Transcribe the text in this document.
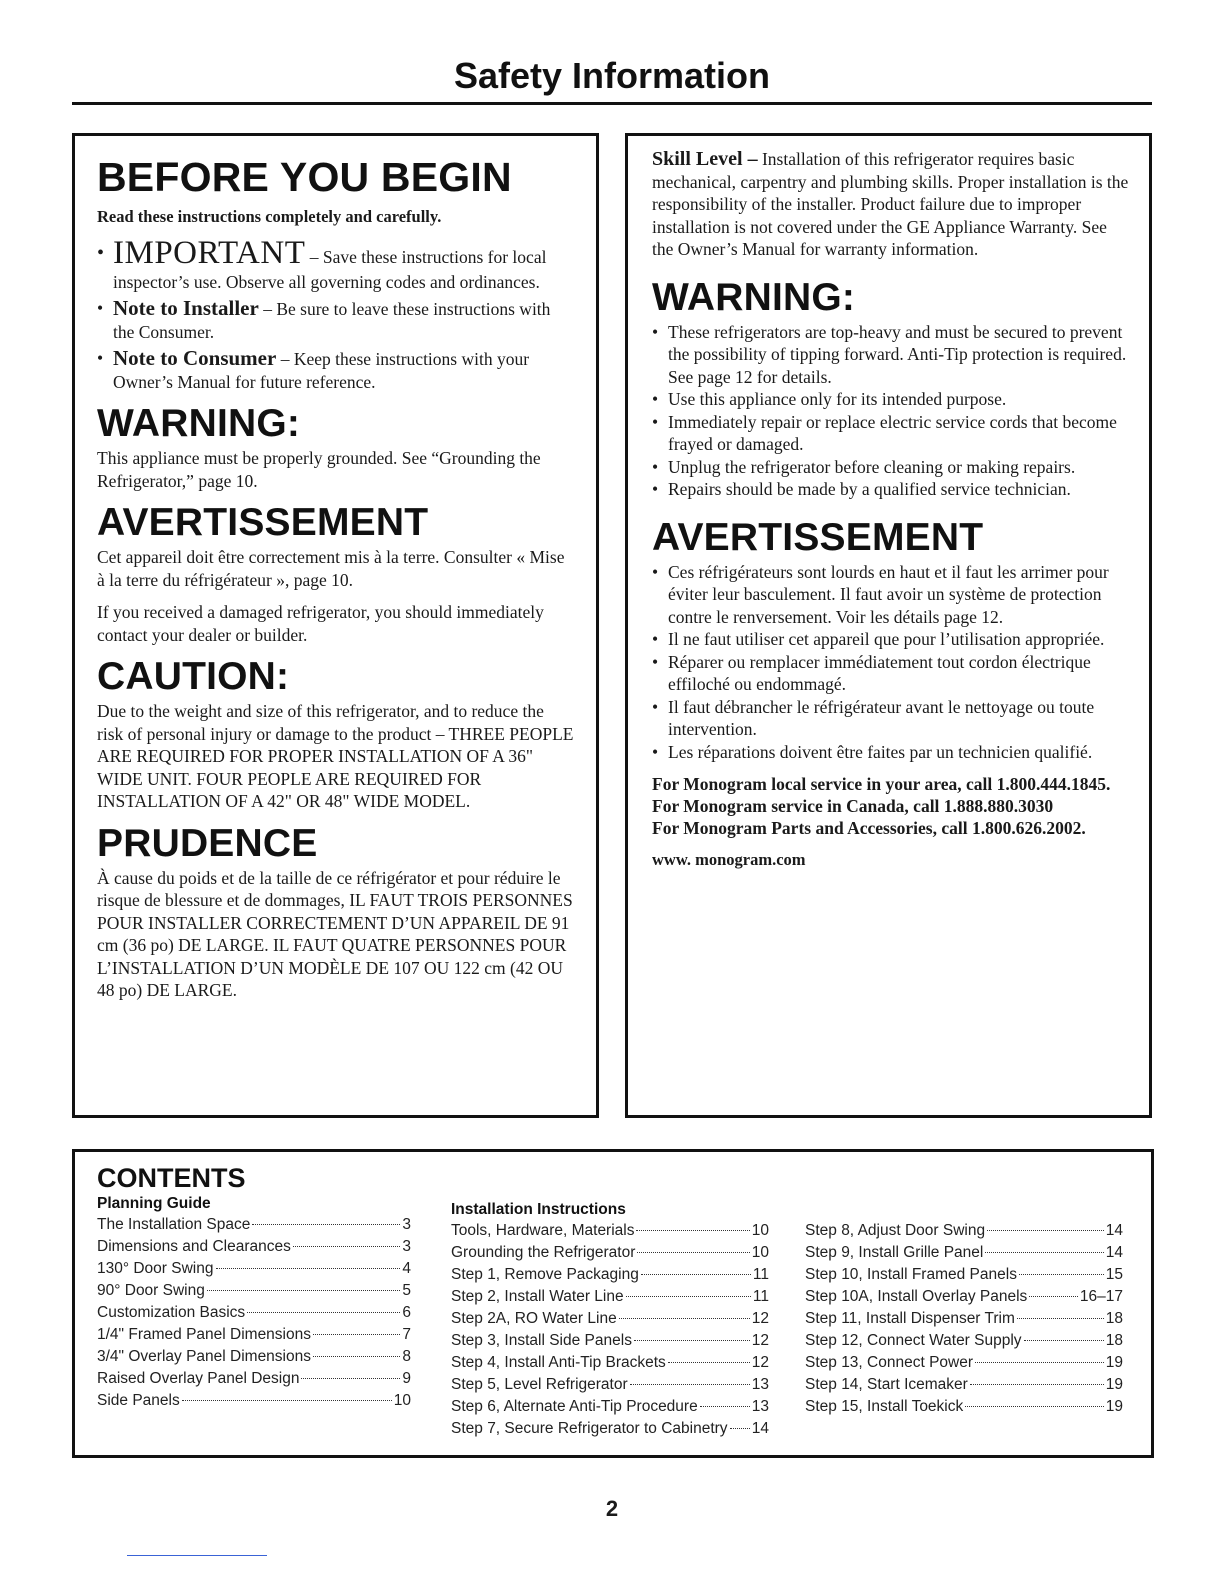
Safety Information
BEFORE YOU BEGIN

Read these instructions completely and carefully.

• IMPORTANT – Save these instructions for local inspector’s use. Observe all governing codes and ordinances.
• Note to Installer – Be sure to leave these instructions with the Consumer.
• Note to Consumer – Keep these instructions with your Owner’s Manual for future reference.
WARNING:

This appliance must be properly grounded. See “Grounding the Refrigerator,” page 10.

AVERTISSEMENT

Cet appareil doit être correctement mis à la terre. Consulter « Mise à la terre du réfrigérateur », page 10.

If you received a damaged refrigerator, you should immediately contact your dealer or builder.

CAUTION:

Due to the weight and size of this refrigerator, and to reduce the risk of personal injury or damage to the product – THREE PEOPLE ARE REQUIRED FOR PROPER INSTALLATION OF A 36" WIDE UNIT. FOUR PEOPLE ARE REQUIRED FOR INSTALLATION OF A 42" OR 48" WIDE MODEL.

PRUDENCE

À cause du poids et de la taille de ce réfrigérator et pour réduire le risque de blessure et de dommages, IL FAUT TROIS PERSONNES POUR INSTALLER CORRECTEMENT D’UN APPAREIL DE 91 cm (36 po) DE LARGE. IL FAUT QUATRE PERSONNES POUR L’INSTALLATION D’UN MODÈLE DE 107 OU 122 cm (42 OU 48 po) DE LARGE.

Skill Level – Installation of this refrigerator requires basic mechanical, carpentry and plumbing skills. Proper installation is the responsibility of the installer. Product failure due to improper installation is not covered under the GE Appliance Warranty. See the Owner’s Manual for warranty information.

WARNING:
• These refrigerators are top-heavy and must be secured to prevent the possibility of tipping forward. Anti-Tip protection is required. See page 12 for details.
• Use this appliance only for its intended purpose.
• Immediately repair or replace electric service cords that become frayed or damaged.
• Unplug the refrigerator before cleaning or making repairs.
• Repairs should be made by a qualified service technician.
AVERTISSEMENT
• Ces réfrigérateurs sont lourds en haut et il faut les arrimer pour éviter leur basculement. Il faut avoir un système de protection contre le renversement. Voir les détails page 12.
• Il ne faut utiliser cet appareil que pour l’utilisation appropriée.
• Réparer ou remplacer immédiatement tout cordon électrique effiloché ou endommagé.
• Il faut débrancher le réfrigérateur avant le nettoyage ou toute intervention.
• Les réparations doivent être faites par un technicien qualifié.

For Monogram local service in your area, call 1.800.444.1845.

For Monogram service in Canada, call 1.888.880.3030

For Monogram Parts and Accessories, call 1.800.626.2002.

www. monogram.com

CONTENTS
Planning Guide
The Installation Space	3
Dimensions and Clearances	3
130° Door Swing	4
90° Door Swing	5
Customization Basics	6
1/4" Framed Panel Dimensions	7
3/4" Overlay Panel Dimensions	8
Raised Overlay Panel Design	9
Side Panels	10
Installation Instructions
Tools, Hardware, Materials	10
Grounding the Refrigerator	10
Step 1, Remove Packaging	11
Step 2, Install Water Line	11
Step 2A, RO Water Line	12
Step 3, Install Side Panels	12
Step 4, Install Anti-Tip Brackets	12
Step 5, Level Refrigerator	13
Step 6, Alternate Anti-Tip Procedure	13
Step 7, Secure Refrigerator to Cabinetry 14
Step 8, Adjust Door Swing	14
Step 9, Install Grille Panel	14
Step 10, Install Framed Panels	15
Step 10A, Install Overlay Panels	16–17
Step 11, Install Dispenser Trim	18
Step 12, Connect Water Supply	18
Step 13, Connect Power	19
Step 14, Start Icemaker	19
Step 15, Install Toekick	19
2
